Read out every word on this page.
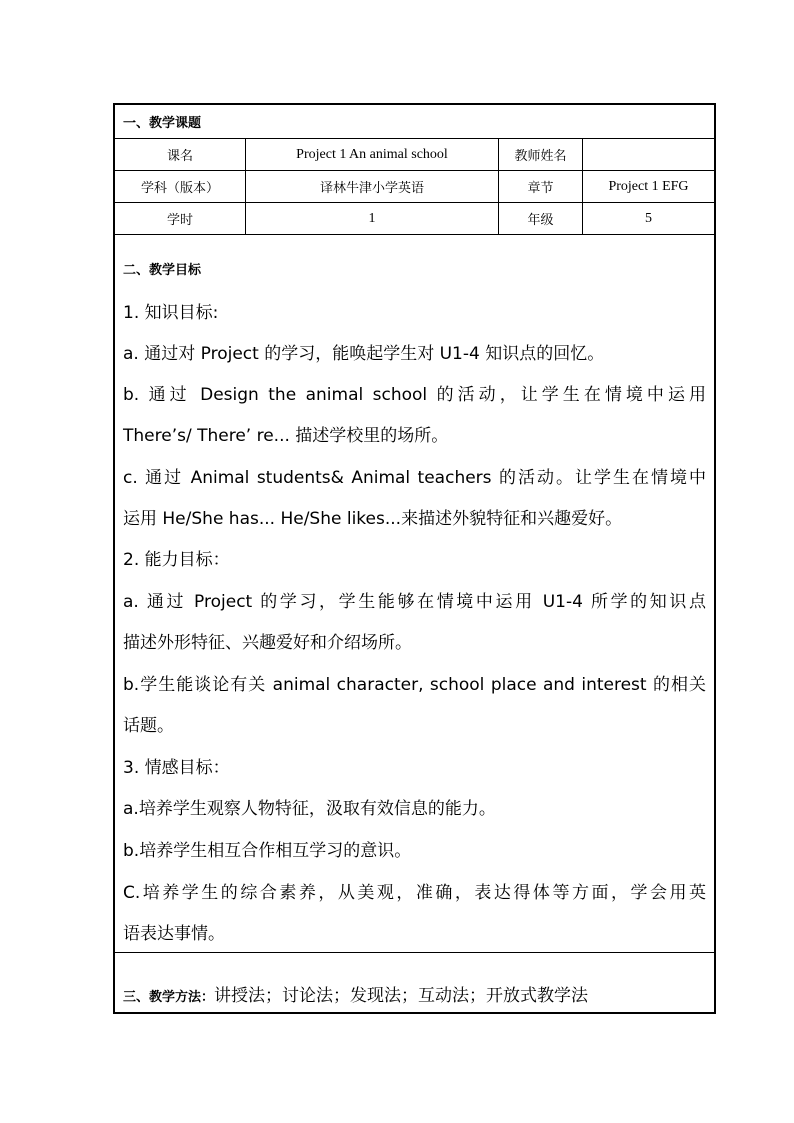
一、教学课题
课名	Project 1 An animal school	教师姓名
学科（版本）	译林牛津小学英语	章节	Project 1 EFG
学时	1	年级	5
二、教学目标
1. 知识目标:
a. 通过对 Project 的学习，能唤起学生对 U1-4 知识点的回忆。
b. 通过 Design the animal school 的活动，让学生在情境中运用
There’s/ There’ re... 描述学校里的场所。
c. 通过 Animal students& Animal teachers 的活动。让学生在情境中
运用 He/She has... He/She likes...来描述外貌特征和兴趣爱好。
2. 能力目标：
a. 通过 Project 的学习，学生能够在情境中运用 U1-4 所学的知识点
描述外形特征、兴趣爱好和介绍场所。
b.学生能谈论有关 animal character, school place and interest 的相关
话题。
3. 情感目标：
a.培养学生观察人物特征，汲取有效信息的能力。
b.培养学生相互合作相互学习的意识。
C.培养学生的综合素养，从美观，准确，表达得体等方面，学会用英
语表达事情。
三、教学方法：讲授法；讨论法；发现法；互动法；开放式教学法
